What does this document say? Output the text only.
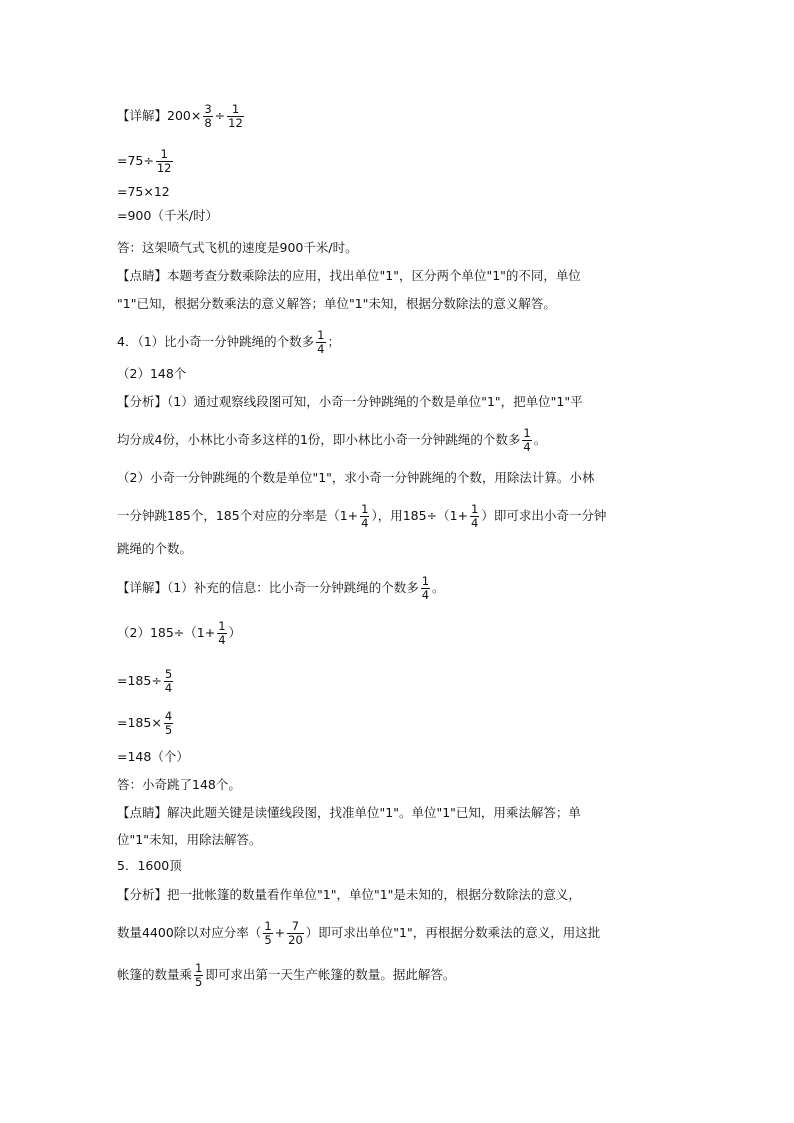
【详解】$200\times \frac{3}{8} \div \frac{1}{12}$
$=75\div \frac{1}{12}$
=75×12
=900（千米/时）
答：这架喷气式飞机的速度是900千米/时。
【点睛】本题考查分数乘除法的应用，找出单位"1"，区分两个单位"1"的不同，单位
"1"已知，根据分数乘法的意义解答；单位"1"未知，根据分数除法的意义解答。
4．（1）比小奇一分钟跳绳的个数多 $\frac{1}{4}$ ；
（2）148个
【分析】（1）通过观察线段图可知，小奇一分钟跳绳的个数是单位"1"，把单位"1"平
均分成4份，小林比小奇多这样的1份，即小林比小奇一分钟跳绳的个数多 $\frac{1}{4}$ 。
（2）小奇一分钟跳绳的个数是单位"1"，求小奇一分钟跳绳的个数，用除法计算。小林
一分钟跳185个，185个对应的分率是（$1+ \frac{1}{4}$ ），用$185\div(1+ \frac{1}{4}$ ）即可求出小奇一分钟
跳绳的个数。
【详解】（1）补充的信息：比小奇一分钟跳绳的个数多 $\frac{1}{4}$ 。
$(2)185\div(1+ \frac{1}{4}$ ）
$=185\div \frac{5}{4}$
$=185\times \frac{4}{5}$
=148（个）
答：小奇跳了148个。
【点睛】解决此题关键是读懂线段图，找准单位"1"。单位"1"已知，用乘法解答；单
位"1"未知，用除法解答。
5．1600顶
【分析】把一批帐篷的数量看作单位"1"，单位"1"是未知的，根据分数除法的意义，
数量4400除以对应分率（ $\frac{1}{5} + \frac{7}{20}$ ）即可求出单位"1"，再根据分数乘法的意义，用这批
帐篷的数量乘 $\frac{1}{5}$ 即可求出第一天生产帐篷的数量。据此解答。
